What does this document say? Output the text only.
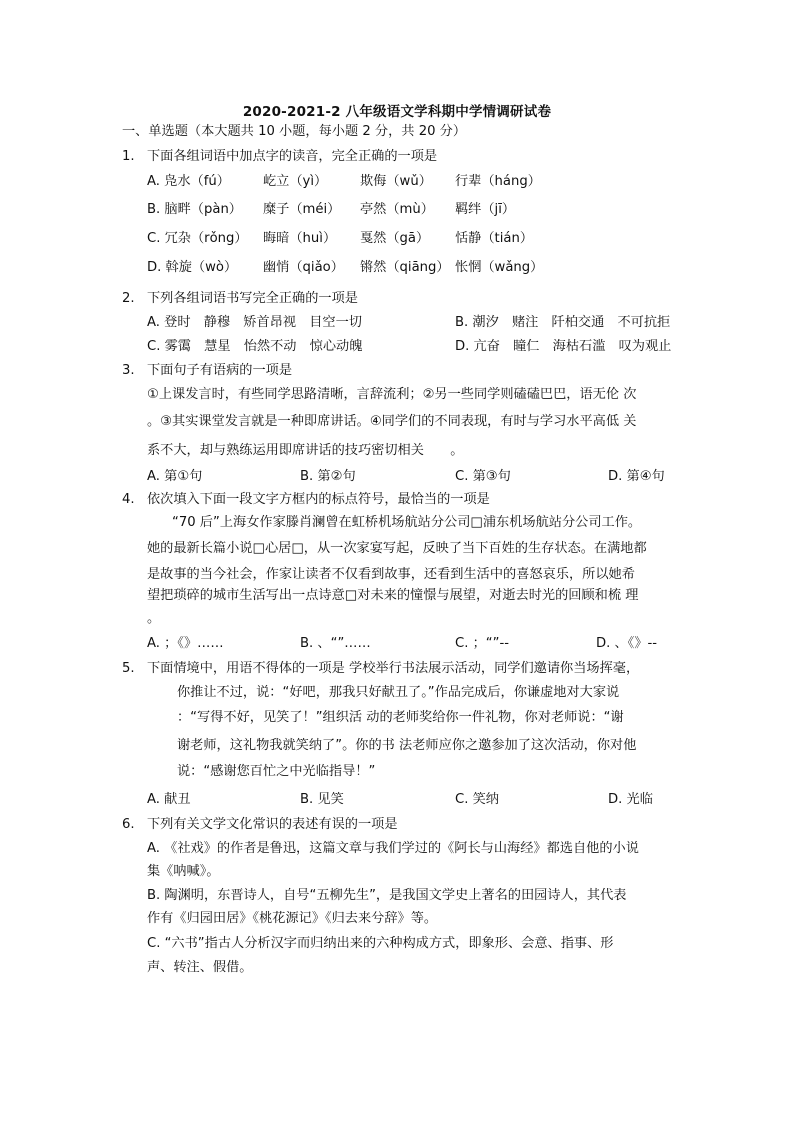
2020-2021-2 八年级语文学科期中学情调研试卷
一、单选题（本大题共 10 小题，每小题 2 分，共 20 分）
1. 下面各组词语中加点字的读音，完全正确的一项是
A. 凫水（fú）	屹立（yì） 欺侮（wǔ） 行辈（háng）
B. 脑畔（pàn） 糜子（méi） 亭然（mù） 羁绊（jī）
C. 冗杂（rǒng） 晦暗（huì） 戛然（gā） 恬静（tián）
D. 斡旋（wò） 幽悄（qiǎo） 锵然（qiāng） 怅惘（wǎng）
2. 下列各组词语书写完全正确的一项是
A. 登时　静穆　矫首昂视　目空一切	B. 潮汐　赌注　阡柏交通　不可抗拒
C. 雾霭　慧星　怡然不动　惊心动魄	D. 亢奋　瞳仁　海枯石滥　叹为观止
3. 下面句子有语病的一项是
①上课发言时，有些同学思路清晰，言辞流利；②另一些同学则磕磕巴巴，语无伦 次
。③其实课堂发言就是一种即席讲话。④同学们的不同表现，有时与学习水平高低 关
系不大，却与熟练运用即席讲话的技巧密切相关　　。
A. 第①句	B. 第②句	C. 第③句	D. 第④句
4. 依次填入下面一段文字方框内的标点符号，最恰当的一项是
“70 后”上海女作家滕肖澜曾在虹桥机场航站分公司□浦东机场航站分公司工作。
她的最新长篇小说□心居□，从一次家宴写起，反映了当下百姓的生存状态。在满地都
是故事的当今社会，作家让读者不仅看到故事，还看到生活中的喜怒哀乐，所以她希
望把琐碎的城市生活写出一点诗意□对未来的憧憬与展望，对逝去时光的回顾和梳 理
。
A. ；《》……	B. 、“”……	C. ；“”--	D. 、《》--
5. 下面情境中，用语不得体的一项是 学校举行书法展示活动，同学们邀请你当场挥毫，
你推让不过，说：“好吧，那我只好献丑了。”作品完成后，你谦虚地对大家说
：“写得不好，见笑了！”组织活 动的老师奖给你一件礼物，你对老师说：“谢
谢老师，这礼物我就笑纳了”。你的书 法老师应你之邀参加了这次活动，你对他
说：“感谢您百忙之中光临指导！”
A. 献丑	B. 见笑	C. 笑纳	D. 光临
6. 下列有关文学文化常识的表述有误的一项是
A. 《社戏》的作者是鲁迅，这篇文章与我们学过的《阿长与山海经》都选自他的小说
集《呐喊》。
B. 陶渊明，东晋诗人，自号“五柳先生”，是我国文学史上著名的田园诗人，其代表
作有《归园田居》《桃花源记》《归去来兮辞》等。
C. “六书”指古人分析汉字而归纳出来的六种构成方式，即象形、会意、指事、形
声、转注、假借。
